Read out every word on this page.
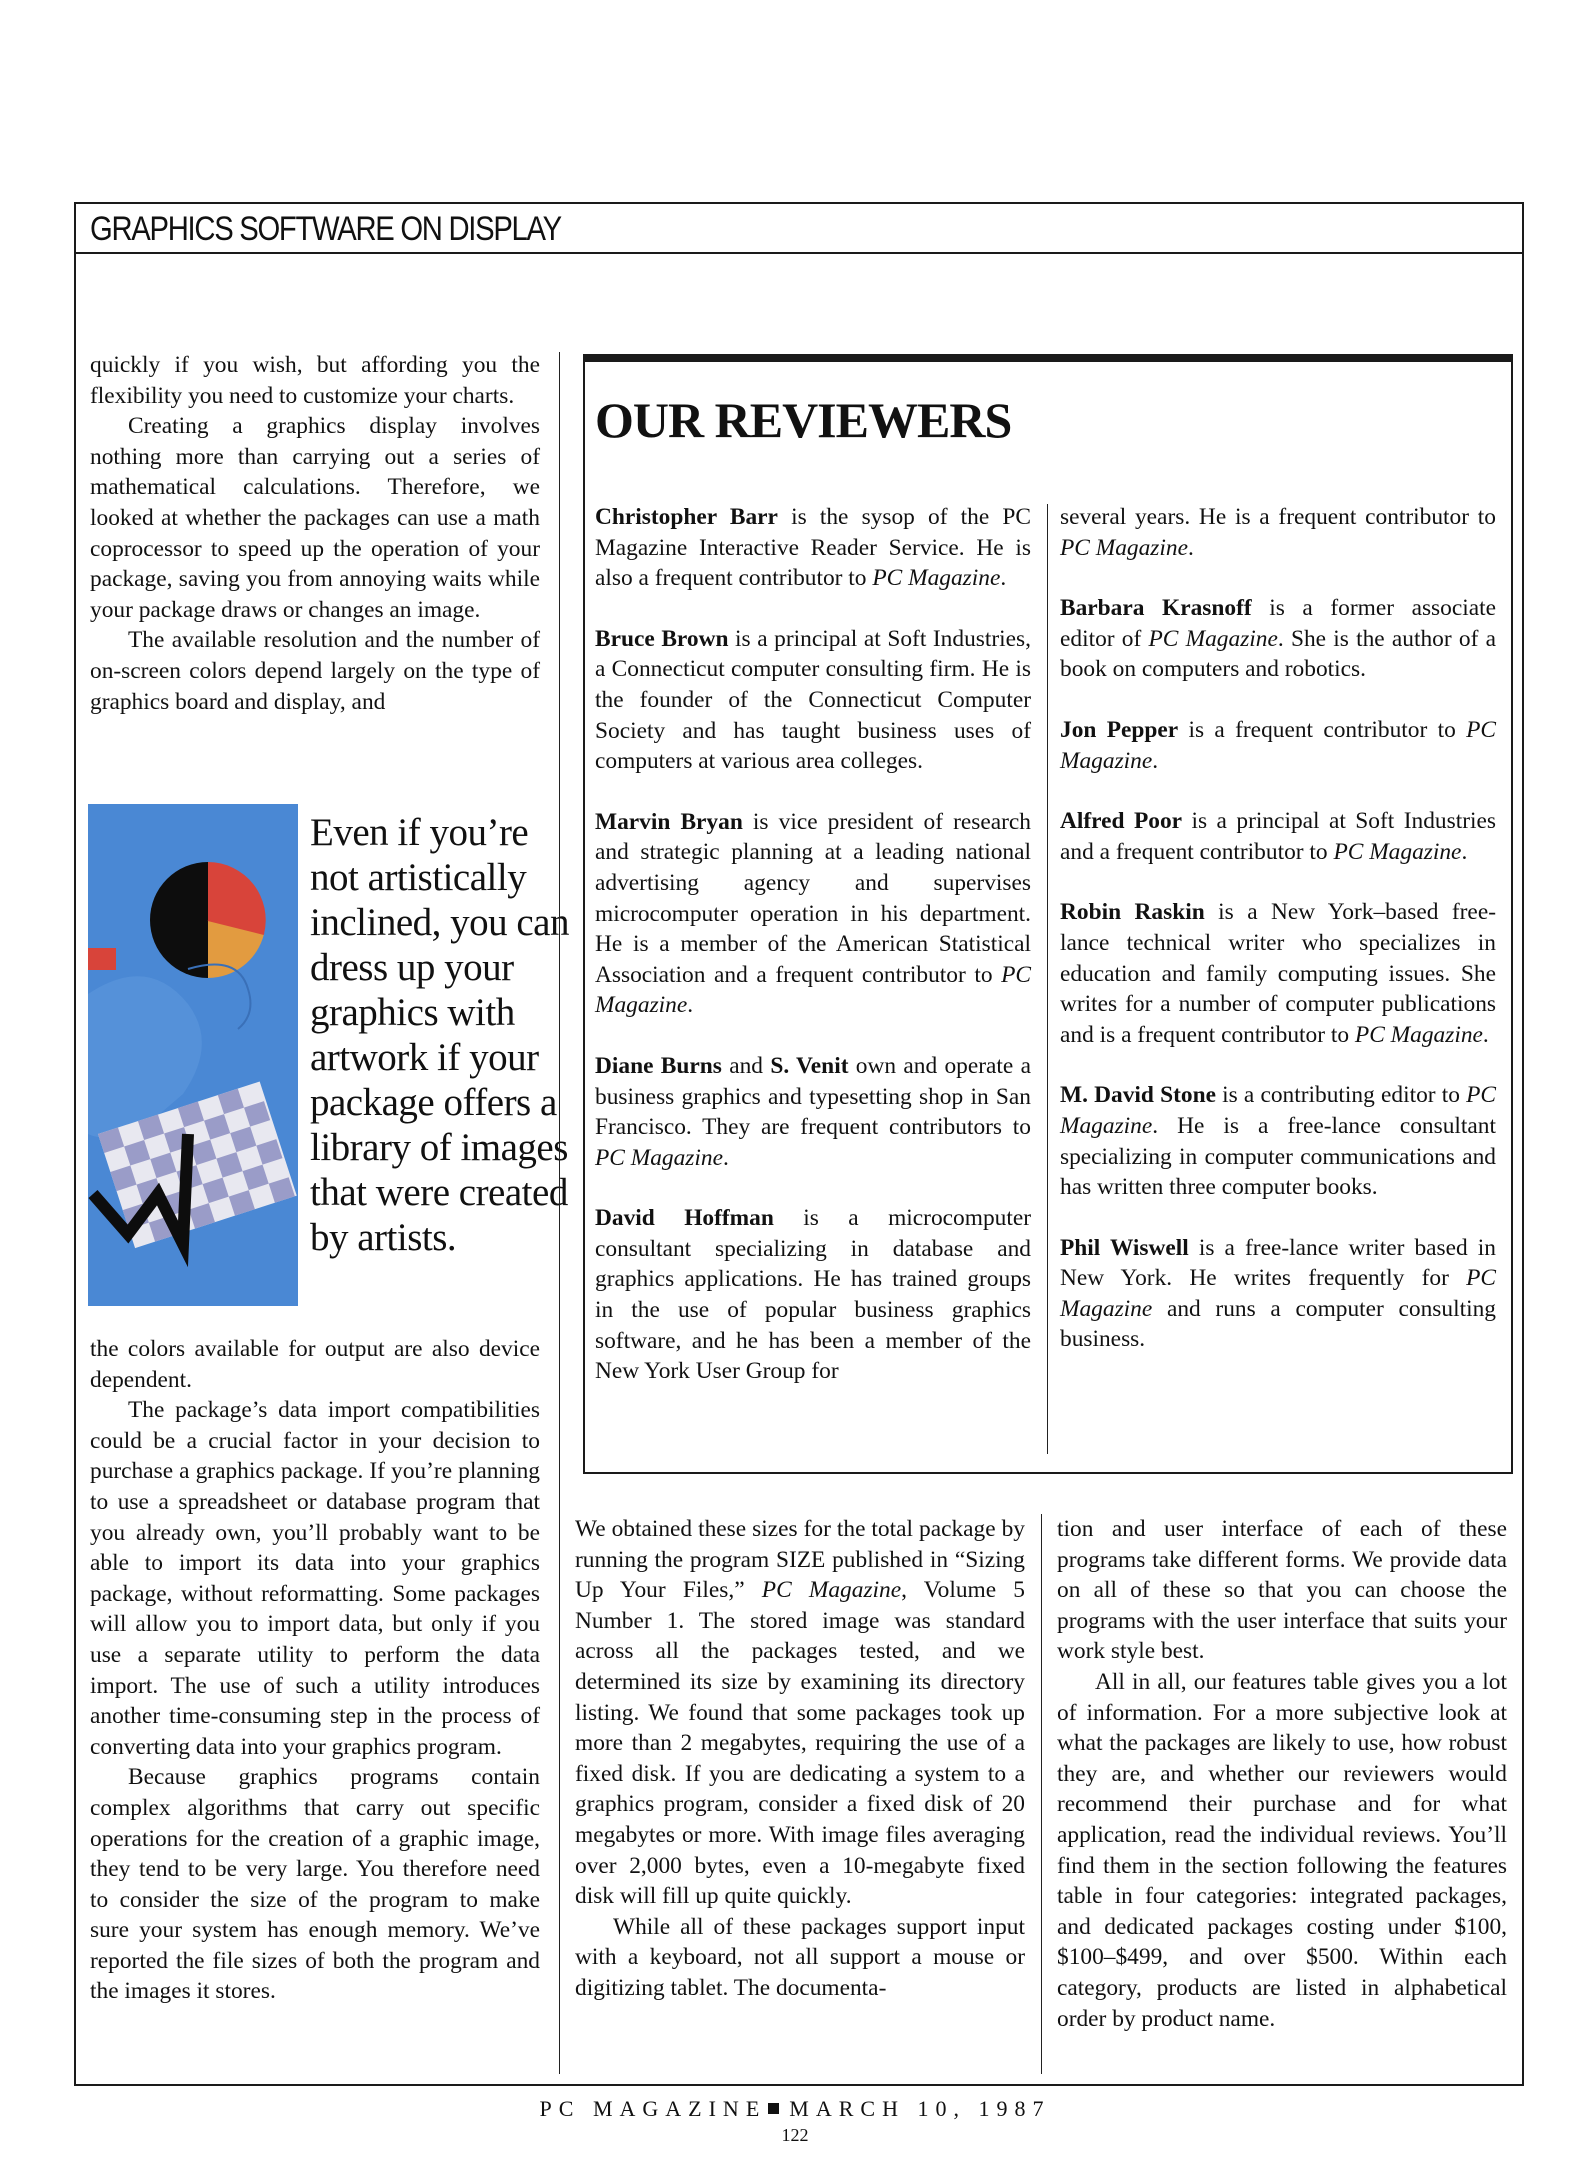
GRAPHICS SOFTWARE ON DISPLAY

quickly if you wish, but affording you the flexibility you need to customize your charts.

Creating a graphics display involves nothing more than carrying out a series of mathematical calculations. Therefore, we looked at whether the packages can use a math coprocessor to speed up the operation of your package, saving you from annoying waits while your package draws or changes an image.

The available resolution and the number of on-screen colors depend largely on the type of graphics board and display, and

Even if you’re not artistically inclined, you can dress up your graphics with artwork if your package offers a library of images that were created by artists.

the colors available for output are also device dependent.

The package’s data import compatibilities could be a crucial factor in your decision to purchase a graphics package. If you’re planning to use a spreadsheet or database program that you already own, you’ll probably want to be able to import its data into your graphics package, without reformatting. Some packages will allow you to import data, but only if you use a separate utility to perform the data import. The use of such a utility introduces another time-consuming step in the process of converting data into your graphics program.

Because graphics programs contain complex algorithms that carry out specific operations for the creation of a graphic image, they tend to be very large. You therefore need to consider the size of the program to make sure your system has enough memory. We’ve reported the file sizes of both the program and the images it stores.

OUR REVIEWERS

Christopher Barr is the sysop of the PC Magazine Interactive Reader Service. He is also a frequent contributor to PC Magazine.

Bruce Brown is a principal at Soft Industries, a Connecticut computer consulting firm. He is the founder of the Connecticut Computer Society and has taught business uses of computers at various area colleges.

Marvin Bryan is vice president of research and strategic planning at a leading national advertising agency and supervises microcomputer operation in his department. He is a member of the American Statistical Association and a frequent contributor to PC Magazine.

Diane Burns and S. Venit own and operate a business graphics and typesetting shop in San Francisco. They are frequent contributors to PC Magazine.

David Hoffman is a microcomputer consultant specializing in database and graphics applications. He has trained groups in the use of popular business graphics software, and he has been a member of the New York User Group for

several years. He is a frequent contributor to PC Magazine.

Barbara Krasnoff is a former associate editor of PC Magazine. She is the author of a book on computers and robotics.

Jon Pepper is a frequent contributor to PC Magazine.

Alfred Poor is a principal at Soft Industries and a frequent contributor to PC Magazine.

Robin Raskin is a New York–based free-lance technical writer who specializes in education and family computing issues. She writes for a number of computer publications and is a frequent contributor to PC Magazine.

M. David Stone is a contributing editor to PC Magazine. He is a free-lance consultant specializing in computer communications and has written three computer books.

Phil Wiswell is a free-lance writer based in New York. He writes frequently for PC Magazine and runs a computer consulting business.

We obtained these sizes for the total package by running the program SIZE published in “Sizing Up Your Files,” PC Magazine, Volume 5 Number 1. The stored image was standard across all the packages tested, and we determined its size by examining its directory listing. We found that some packages took up more than 2 megabytes, requiring the use of a fixed disk. If you are dedicating a system to a graphics program, consider a fixed disk of 20 megabytes or more. With image files averaging over 2,000 bytes, even a 10-megabyte fixed disk will fill up quite quickly.

While all of these packages support input with a keyboard, not all support a mouse or digitizing tablet. The documenta-

tion and user interface of each of these programs take different forms. We provide data on all of these so that you can choose the programs with the user interface that suits your work style best.

All in all, our features table gives you a lot of information. For a more subjective look at what the packages are likely to use, how robust they are, and whether our reviewers would recommend their purchase and for what application, read the individual reviews. You’ll find them in the section following the features table in four categories: integrated packages, and dedicated packages costing under $100, $100–$499, and over $500. Within each category, products are listed in alphabetical order by product name.

PC MAGAZINE MARCH 10, 1987
122
